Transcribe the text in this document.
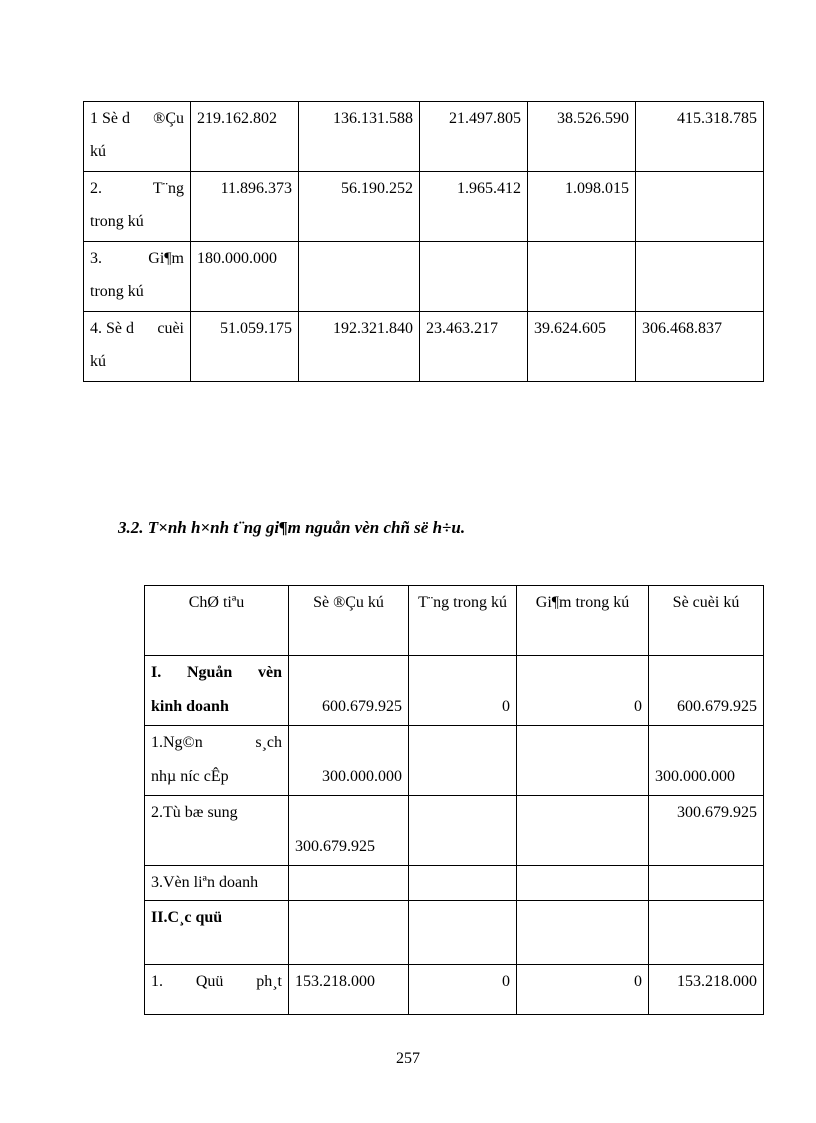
1 Sè d ®Çu
kú	219.162.802	136.131.588	21.497.805	38.526.590	415.318.785

2. T¨ng
trong kú	11.896.373	56.190.252	1.965.412	1.098.015	

3. Gi¶m
trong kú	180.000.000				

4. Sè d cuèi
kú	51.059.175	192.321.840	23.463.217	39.624.605	306.468.837
3.2. T×nh h×nh t¨ng gi¶m nguån vèn chñ së h÷u.
ChØ tiªu	Sè ®Çu kú	T¨ng trong kú	Gi¶m trong kú	Sè cuèi kú

I. Nguån vèn
kinh doanh	600.679.925	0	0	600.679.925

1.Ng©n s¸ch
nhµ níc cÊp	300.000.000			300.000.000

2.Tù bæ sung	300.679.925			300.679.925
3.Vèn liªn doanh				
II.C¸c quü				

1. Quü ph¸t	153.218.000	0	0	153.218.000
257
